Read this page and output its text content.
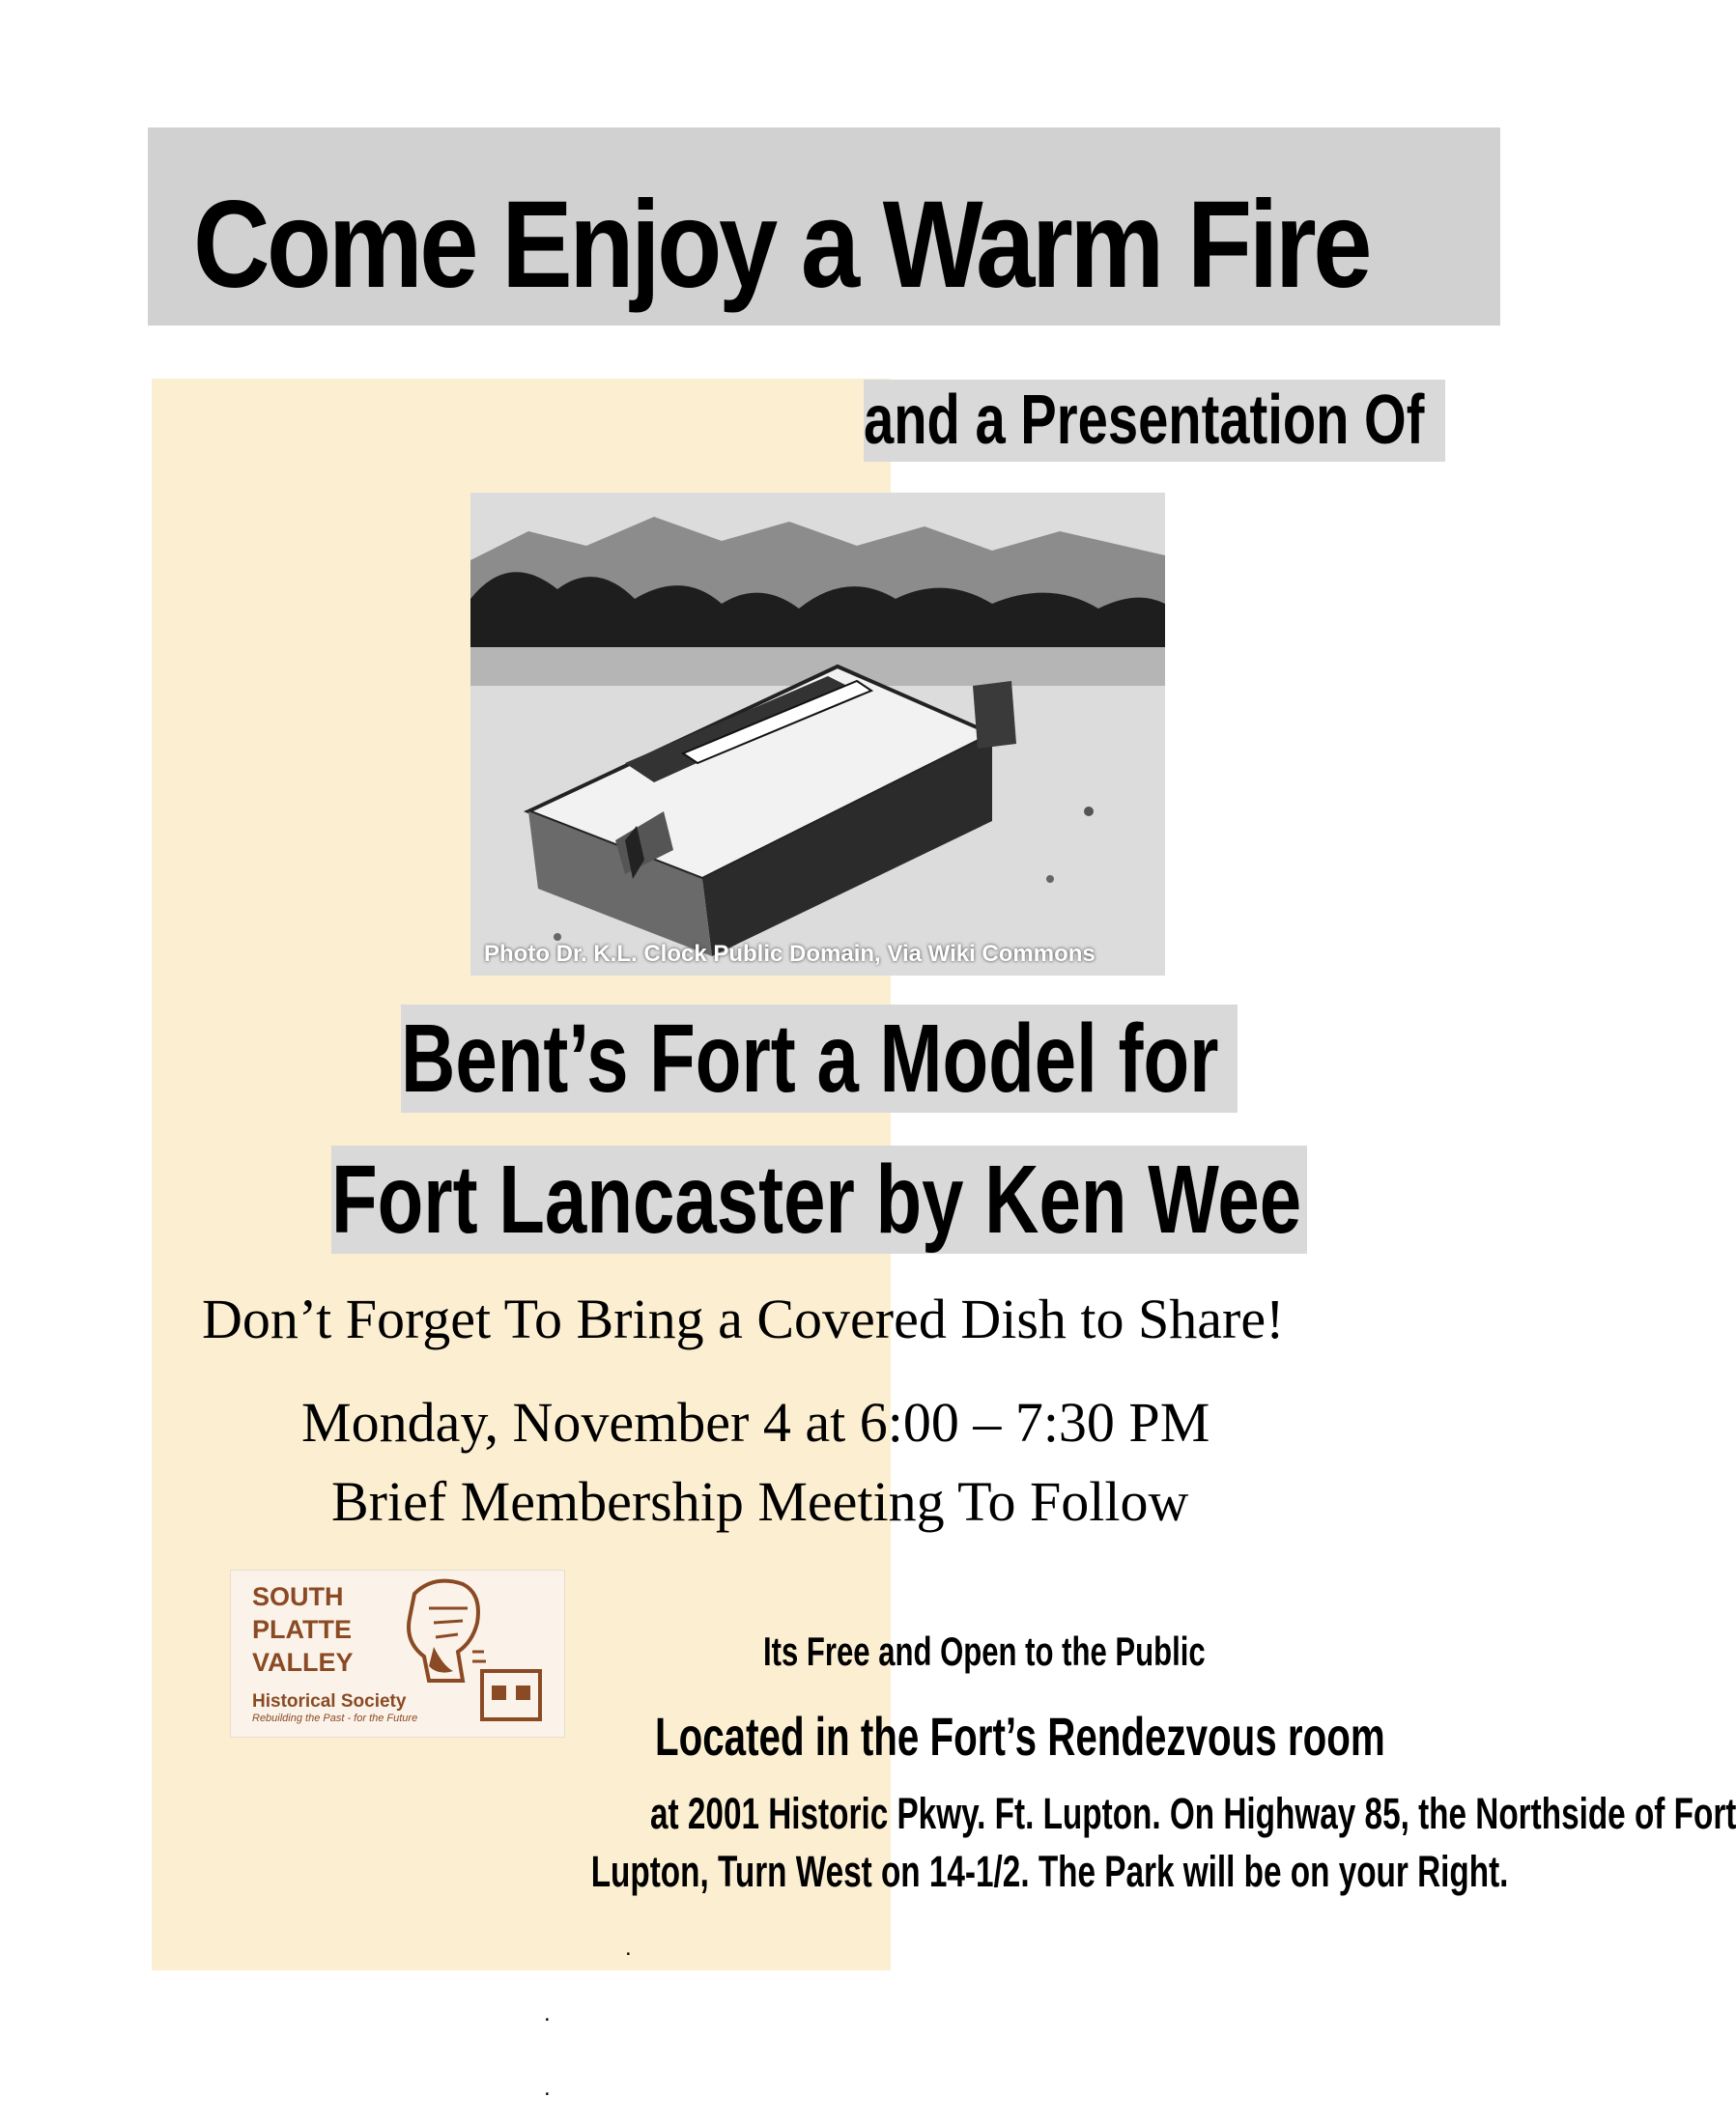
Come Enjoy a Warm Fire
and a Presentation Of
Photo Dr. K.L. Clock Public Domain, Via Wiki Commons
Bent’s Fort a Model for
Fort Lancaster by Ken Wee
Don’t Forget To Bring a Covered Dish to Share!
Monday, November 4 at 6:00 – 7:30 PM
Brief Membership Meeting To Follow
SOUTH
PLATTE
VALLEY
Historical Society
Rebuilding the Past - for the Future
Its Free and Open to the Public
Located in the Fort’s Rendezvous room
at 2001 Historic Pkwy. Ft. Lupton. On Highway 85, the Northside of Fort
Lupton, Turn West on 14-1/2. The Park will be on your Right.
.
.
.
